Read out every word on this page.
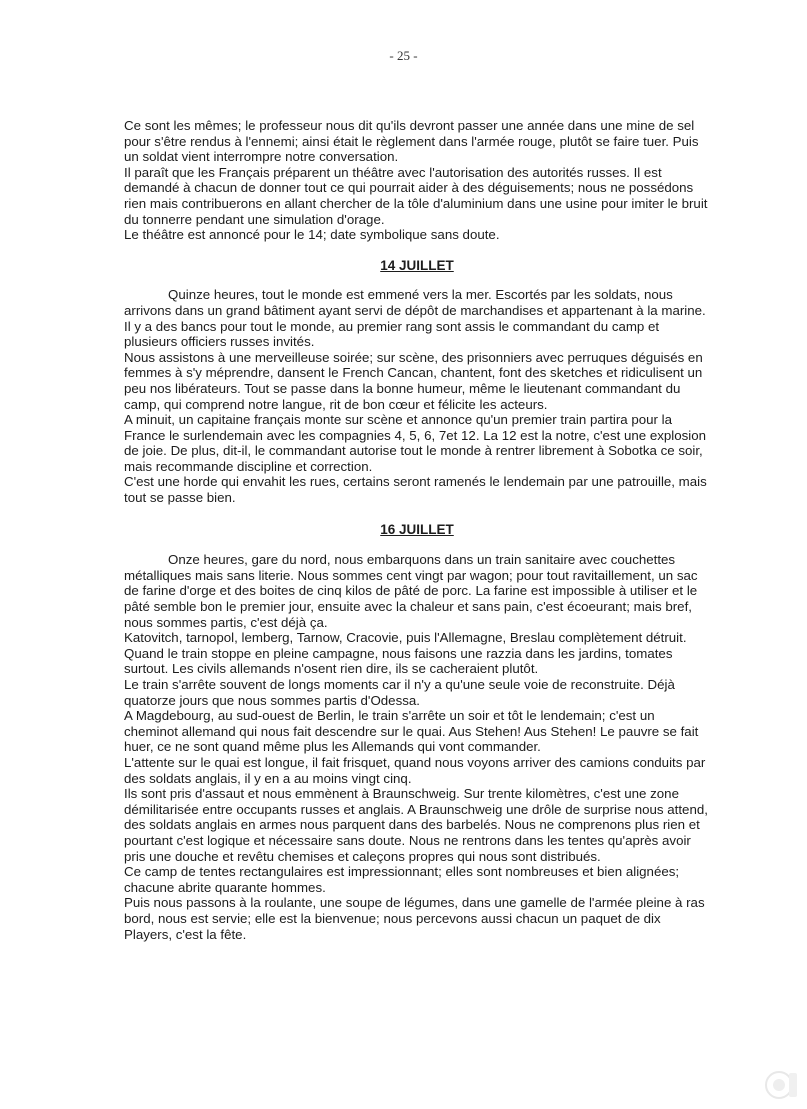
- 25 -

Ce sont les mêmes; le professeur nous dit qu'ils devront passer une année dans une mine de sel pour s'être rendus à l'ennemi; ainsi était le règlement dans l'armée rouge, plutôt se faire tuer. Puis un soldat vient interrompre notre conversation.

Il paraît que les Français préparent un théâtre avec l'autorisation des autorités russes. Il est demandé à chacun de donner tout ce qui pourrait aider à des déguisements; nous ne possédons rien mais contribuerons en allant chercher de la tôle d'aluminium dans une usine pour imiter le bruit du tonnerre pendant une simulation d'orage.

Le théâtre est annoncé pour le 14; date symbolique sans doute.

14 JUILLET

Quinze heures, tout le monde est emmené vers la mer. Escortés par les soldats, nous arrivons dans un grand bâtiment ayant servi de dépôt de marchandises et appartenant à la marine. Il y a des bancs pour tout le monde, au premier rang sont assis le commandant du camp et plusieurs officiers russes invités.

Nous assistons à une merveilleuse soirée; sur scène, des prisonniers avec perruques déguisés en femmes à s'y méprendre, dansent le French Cancan, chantent, font des sketches et ridiculisent un peu nos libérateurs. Tout se passe dans la bonne humeur, même le lieutenant commandant du camp, qui comprend notre langue, rit de bon cœur et félicite les acteurs.

A minuit, un capitaine français monte sur scène et annonce qu'un premier train partira pour la France le surlendemain avec les compagnies 4, 5, 6, 7et 12. La 12 est la notre, c'est une explosion de joie. De plus, dit-il, le commandant autorise tout le monde à rentrer librement à Sobotka ce soir, mais recommande discipline et correction.

C'est une horde qui envahit les rues, certains seront ramenés le lendemain par une patrouille, mais tout se passe bien.

16 JUILLET

Onze heures, gare du nord, nous embarquons dans un train sanitaire avec couchettes métalliques mais sans literie. Nous sommes cent vingt par wagon; pour tout ravitaillement, un sac de farine d'orge et des boites de cinq kilos de pâté de porc. La farine est impossible à utiliser et le pâté semble bon le premier jour, ensuite avec la chaleur et sans pain, c'est écoeurant; mais bref, nous sommes partis, c'est déjà ça.

Katovitch, tarnopol, lemberg, Tarnow, Cracovie, puis l'Allemagne, Breslau complètement détruit. Quand le train stoppe en pleine campagne, nous faisons une razzia dans les jardins, tomates surtout. Les civils allemands n'osent rien dire, ils se cacheraient plutôt.

Le train s'arrête souvent de longs moments car il n'y a qu'une seule voie de reconstruite. Déjà quatorze jours que nous sommes partis d'Odessa.

A Magdebourg, au sud-ouest de Berlin, le train s'arrête un soir et tôt le lendemain; c'est un cheminot allemand qui nous fait descendre sur le quai. Aus Stehen! Aus Stehen! Le pauvre se fait huer, ce ne sont quand même plus les Allemands qui vont commander.

L'attente sur le quai est longue, il fait frisquet, quand nous voyons arriver des camions conduits par des soldats anglais, il y en a au moins vingt cinq.

Ils sont pris d'assaut et nous emmènent à Braunschweig. Sur trente kilomètres, c'est une zone démilitarisée entre occupants russes et anglais. A Braunschweig une drôle de surprise nous attend, des soldats anglais en armes nous parquent dans des barbelés. Nous ne comprenons plus rien et pourtant c'est logique et nécessaire sans doute. Nous ne rentrons dans les tentes qu'après avoir pris une douche et revêtu chemises et caleçons propres qui nous sont distribués.

Ce camp de tentes rectangulaires est impressionnant; elles sont nombreuses et bien alignées; chacune abrite quarante hommes.

Puis nous passons à la roulante, une soupe de légumes, dans une gamelle de l'armée pleine à ras bord, nous est servie; elle est la bienvenue; nous percevons aussi chacun un paquet de dix Players, c'est la fête.
